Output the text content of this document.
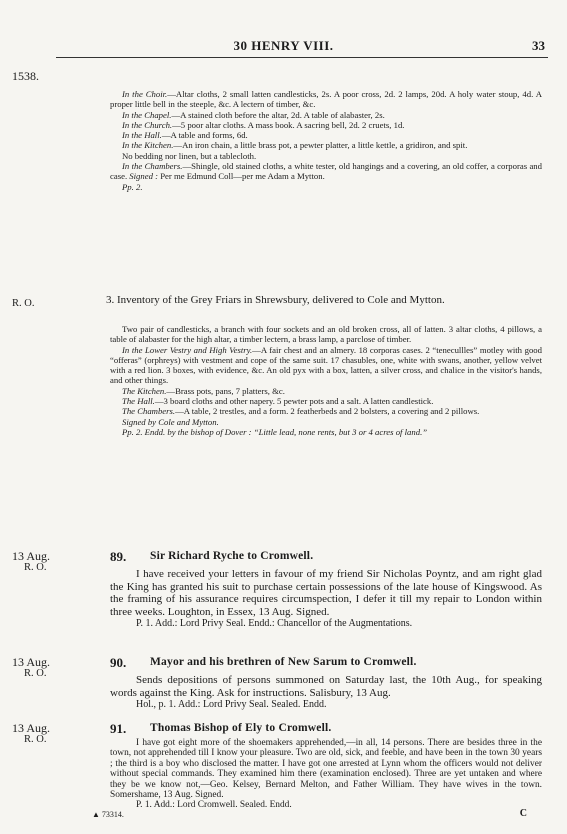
30 HENRY VIII.	33
1538.
R. O.

In the Choir.—Altar cloths, 2 small latten candlesticks, 2s. A poor cross, 2d. 2 lamps, 20d. A holy water stoup, 4d. A proper little bell in the steeple, &c. A lectern of timber, &c.

In the Chapel.—A stained cloth before the altar, 2d. A table of alabaster, 2s.

In the Church.—5 poor altar cloths. A mass book. A sacring bell, 2d. 2 cruets, 1d.

In the Hall.—A table and forms, 6d.

In the Kitchen.—An iron chain, a little brass pot, a pewter platter, a little kettle, a gridiron, and spit.

No bedding nor linen, but a tablecloth.

In the Chambers.—Shingle, old stained cloths, a white tester, old hangings and a covering, an old coffer, a corporas and case. Signed : Per me Edmund Coll—per me Adam a Mytton.

Pp. 2.

3. Inventory of the Grey Friars in Shrewsbury, delivered to Cole and Mytton.

Two pair of candlesticks, a branch with four sockets and an old broken cross, all of latten. 3 altar cloths, 4 pillows, a table of alabaster for the high altar, a timber lectern, a brass lamp, a parclose of timber.

In the Lower Vestry and High Vestry.—A fair chest and an almery. 18 corporas cases. 2 “tenecullles” motley with good “offeras” (orphreys) with vestment and cope of the same suit. 17 chasubles, one, white with swans, another, yellow velvet with a red lion. 3 boxes, with evidence, &c. An old pyx with a box, latten, a silver cross, and chalice in the visitor's hands, and other things.

The Kitchen.—Brass pots, pans, 7 platters, &c.

The Hall.—3 board cloths and other napery. 5 pewter pots and a salt. A latten candlestick.

The Chambers.—A table, 2 trestles, and a form. 2 featherbeds and 2 bolsters, a covering and 2 pillows.

Signed by Cole and Mytton.

Pp. 2. Endd. by the bishop of Dover : “Little lead, none rents, but 3 or 4 acres of land.”

13 Aug.
R. O.
89. Sir Richard Ryche to Cromwell.

I have received your letters in favour of my friend Sir Nicholas Poyntz, and am right glad the King has granted his suit to purchase certain possessions of the late house of Kingswood. As the framing of his assurance requires circumspection, I defer it till my repair to London within three weeks. Loughton, in Essex, 13 Aug. Signed.

P. 1. Add.: Lord Privy Seal. Endd.: Chancellor of the Augmentations.

13 Aug.
R. O.
90. Mayor and his brethren of New Sarum to Cromwell.

Sends depositions of persons summoned on Saturday last, the 10th Aug., for speaking words against the King. Ask for instructions. Salisbury, 13 Aug.

Hol., p. 1. Add.: Lord Privy Seal. Sealed. Endd.

13 Aug.
R. O.
91. Thomas Bishop of Ely to Cromwell.

I have got eight more of the shoemakers apprehended,—in all, 14 persons. There are besides three in the town, not apprehended till I know your pleasure. Two are old, sick, and feeble, and have been in the town 30 years ; the third is a boy who disclosed the matter. I have got one arrested at Lynn whom the officers would not deliver without special commands. They examined him there (examination enclosed). Three are yet untaken and where they be we know not,—Geo. Kelsey, Bernard Melton, and Father William. They have wives in the town. Somershame, 13 Aug. Signed.

P. 1. Add.: Lord Cromwell. Sealed. Endd.

▲ 73314.	C
